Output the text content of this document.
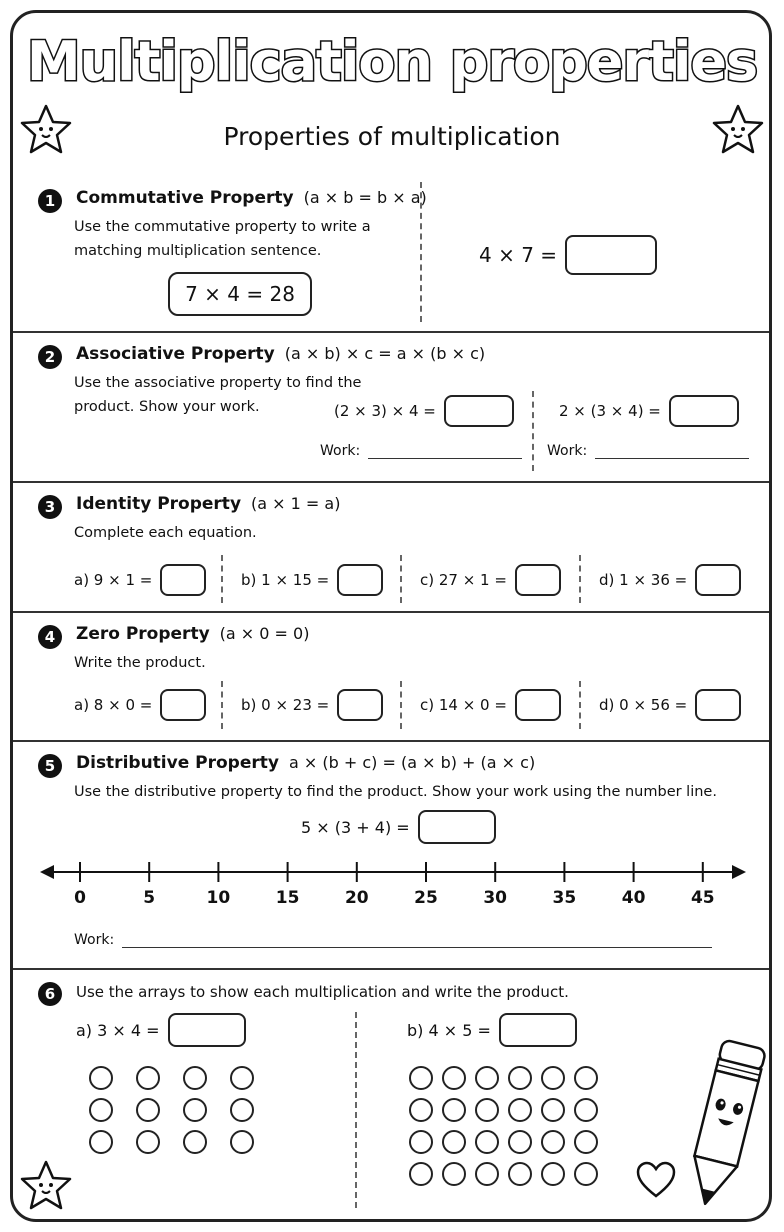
Multiplication properties
Properties of multiplication
1	Commutative Property (a × b = b × a)
Use the commutative property to write a
matching multiplication sentence.
7 × 4 = 28
4 × 7 =
2	Associative Property (a × b) × c = a × (b × c)
Use the associative property to find the
product. Show your work.	(2 × 3) × 4 =	2 × (3 × 4) =
Work:	Work:
3	Identity Property (a × 1 = a)
Complete each equation.
a) 9 × 1 =	b) 1 × 15 =	c) 27 × 1 =	d) 1 × 36 =
4	Zero Property (a × 0 = 0)
Write the product.
a) 8 × 0 =	b) 0 × 23 =	c) 14 × 0 =	d) 0 × 56 =
5	Distributive Property a × (b + c) = (a × b) + (a × c)
Use the distributive property to find the product. Show your work using the number line.
5 × (3 + 4) =
0	5	10	15	20	25	30	35	40	45
Work:
6	Use the arrays to show each multiplication and write the product.
a) 3 × 4 =	b) 4 × 5 =
